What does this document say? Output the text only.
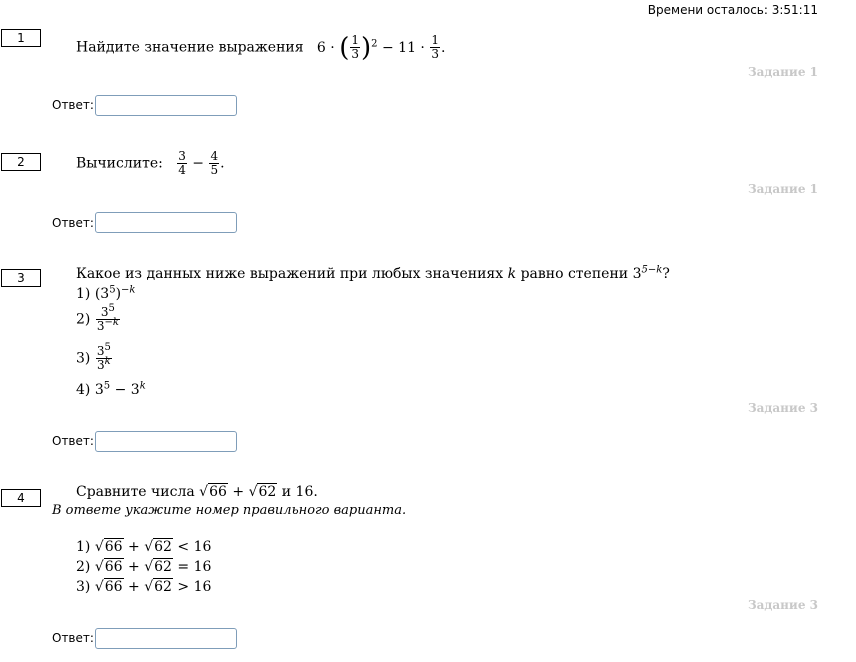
Времени осталось: 3:51:11
1
Найдите значение выражения 6 · ( $\frac{1}{3} )^2 - 11 \cdot \frac{1}{3}$ .
Задание 1
Ответ:
2	Вычислите: $\frac{3}{4} - \frac{4}{5}$ .
Задание 1
Ответ:
3	Какое из данных ниже выражений при любых значениях k равно степени $3^{5-k}$?
1) $(3^5)^{-k}$
$2) \frac{3^5}{3^{-k}}$
$3) \frac{3^5}{3^k}$
4) $3^5 - 3^k$
Задание 3
Ответ:
4	Сравните числа √66 + √62 и 16.
В ответе укажите номер правильного варианта.
1) √66 + √62 < 16
2) √66 + √62 = 16
3) √66 + √62 > 16
Задание 3
Ответ:
